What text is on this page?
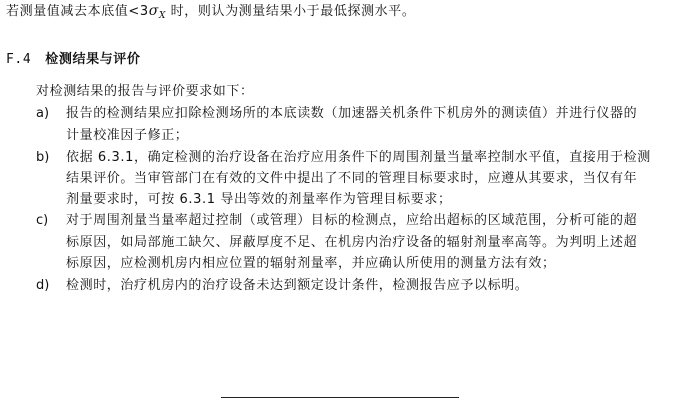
若测量值减去本底值$<3\sigma_X$ 时，则认为测量结果小于最低探测水平。
F.4 检测结果与评价
对检测结果的报告与评价要求如下：
a) 报告的检测结果应扣除检测场所的本底读数（加速器关机条件下机房外的测读值）并进行仪器的
计量校准因子修正；
b) 依据 6.3.1，确定检测的治疗设备在治疗应用条件下的周围剂量当量率控制水平值，直接用于检测
结果评价。当审管部门在有效的文件中提出了不同的管理目标要求时，应遵从其要求，当仅有年
剂量要求时，可按 6.3.1 导出等效的剂量率作为管理目标要求；
c) 对于周围剂量当量率超过控制（或管理）目标的检测点，应给出超标的区域范围，分析可能的超
标原因，如局部施工缺欠、屏蔽厚度不足、在机房内治疗设备的辐射剂量率高等。为判明上述超
标原因，应检测机房内相应位置的辐射剂量率，并应确认所使用的测量方法有效；
d) 检测时，治疗机房内的治疗设备未达到额定设计条件，检测报告应予以标明。
